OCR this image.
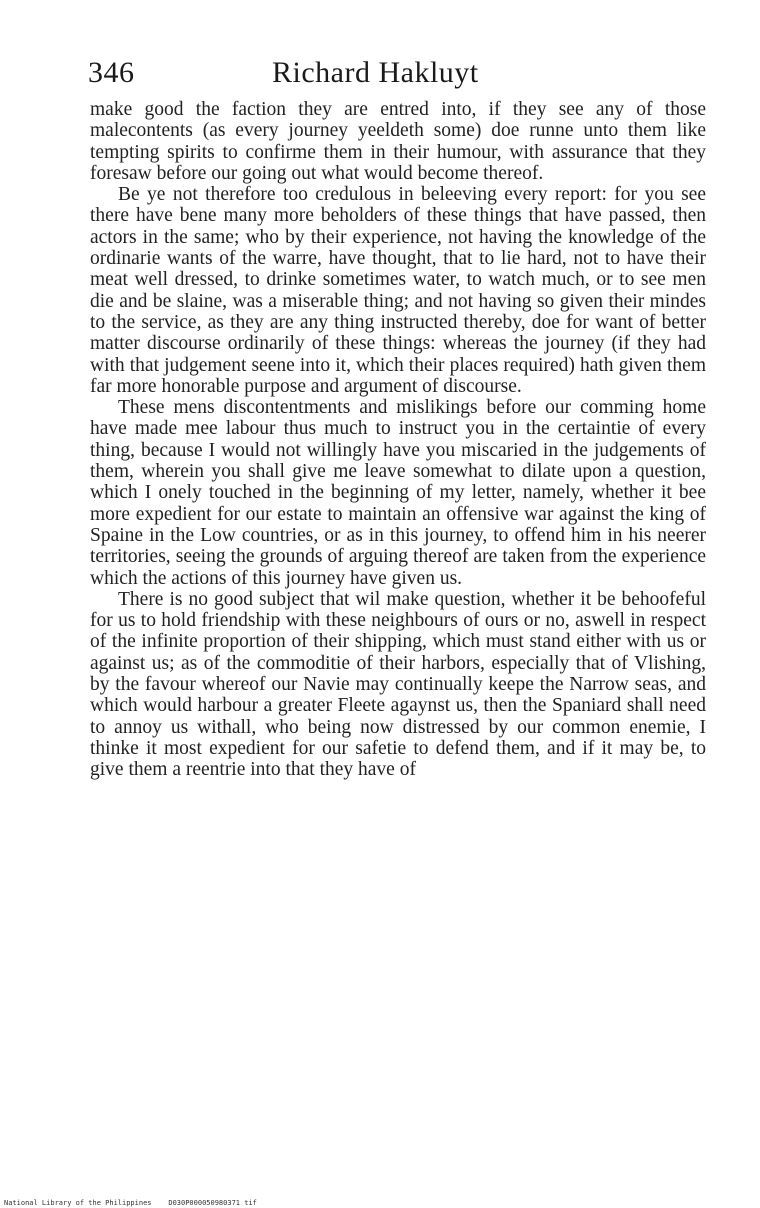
346	Richard Hakluyt

make good the faction they are entred into, if they see any of those malecontents (as every journey yeeldeth some) doe runne unto them like tempting spirits to confirme them in their humour, with assurance that they foresaw before our going out what would become thereof.

Be ye not therefore too credulous in beleeving every report: for you see there have bene many more beholders of these things that have passed, then actors in the same; who by their experience, not having the knowledge of the ordinarie wants of the warre, have thought, that to lie hard, not to have their meat well dressed, to drinke sometimes water, to watch much, or to see men die and be slaine, was a miserable thing; and not having so given their mindes to the service, as they are any thing instructed thereby, doe for want of better matter discourse ordinarily of these things: whereas the journey (if they had with that judgement seene into it, which their places required) hath given them far more honorable purpose and argument of discourse.

These mens discontentments and mislikings before our comming home have made mee labour thus much to instruct you in the certaintie of every thing, because I would not willingly have you miscaried in the judgements of them, wherein you shall give me leave somewhat to dilate upon a question, which I onely touched in the beginning of my letter, namely, whether it bee more expedient for our estate to maintain an offensive war against the king of Spaine in the Low countries, or as in this journey, to offend him in his neerer territories, seeing the grounds of arguing thereof are taken from the experience which the actions of this journey have given us.

There is no good subject that wil make question, whether it be behoofeful for us to hold friendship with these neighbours of ours or no, aswell in respect of the infinite proportion of their shipping, which must stand either with us or against us; as of the commoditie of their harbors, especially that of Vlishing, by the favour whereof our Navie may continually keepe the Narrow seas, and which would harbour a greater Fleete agaynst us, then the Spaniard shall need to annoy us withall, who being now distressed by our common enemie, I thinke it most expedient for our safetie to defend them, and if it may be, to give them a reentrie into that they have of

National Library of the Philippines    D030P000050980371 tif
